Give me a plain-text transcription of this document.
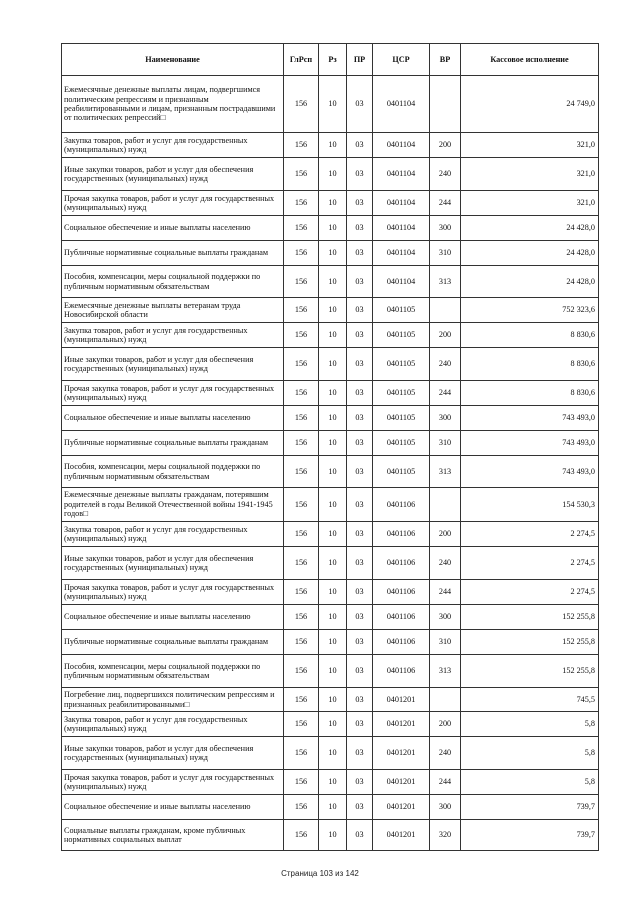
Наименование	ГлРсп	Рз	ПР	ЦСР	ВР	Кассовое исполнение
Ежемесячные денежные выплаты лицам, подвергшимся политическим репрессиям и признанным реабилитированными и лицам, признанным пострадавшими от политических репрессий□	156	10	03	0401104		24 749,0
Закупка товаров, работ и услуг для государственных (муниципальных) нужд	156	10	03	0401104	200	321,0
Иные закупки товаров, работ и услуг для обеспечения государственных (муниципальных) нужд	156	10	03	0401104	240	321,0
Прочая закупка товаров, работ и услуг для государственных (муниципальных) нужд	156	10	03	0401104	244	321,0
Социальное обеспечение и иные выплаты населению	156	10	03	0401104	300	24 428,0
Публичные нормативные социальные выплаты гражданам	156	10	03	0401104	310	24 428,0
Пособия, компенсации, меры социальной поддержки по публичным нормативным обязательствам	156	10	03	0401104	313	24 428,0
Ежемесячные денежные выплаты ветеранам труда Новосибирской области	156	10	03	0401105		752 323,6
Закупка товаров, работ и услуг для государственных (муниципальных) нужд	156	10	03	0401105	200	8 830,6
Иные закупки товаров, работ и услуг для обеспечения государственных (муниципальных) нужд	156	10	03	0401105	240	8 830,6
Прочая закупка товаров, работ и услуг для государственных (муниципальных) нужд	156	10	03	0401105	244	8 830,6
Социальное обеспечение и иные выплаты населению	156	10	03	0401105	300	743 493,0
Публичные нормативные социальные выплаты гражданам	156	10	03	0401105	310	743 493,0
Пособия, компенсации, меры социальной поддержки по публичным нормативным обязательствам	156	10	03	0401105	313	743 493,0
Ежемесячные денежные выплаты гражданам, потерявшим родителей в годы Великой Отечественной войны 1941-1945 годов□	156	10	03	0401106		154 530,3
Закупка товаров, работ и услуг для государственных (муниципальных) нужд	156	10	03	0401106	200	2 274,5
Иные закупки товаров, работ и услуг для обеспечения государственных (муниципальных) нужд	156	10	03	0401106	240	2 274,5
Прочая закупка товаров, работ и услуг для государственных (муниципальных) нужд	156	10	03	0401106	244	2 274,5
Социальное обеспечение и иные выплаты населению	156	10	03	0401106	300	152 255,8
Публичные нормативные социальные выплаты гражданам	156	10	03	0401106	310	152 255,8
Пособия, компенсации, меры социальной поддержки по публичным нормативным обязательствам	156	10	03	0401106	313	152 255,8
Погребение лиц, подвергшихся политическим репрессиям и признанных реабилитированными□	156	10	03	0401201		745,5
Закупка товаров, работ и услуг для государственных (муниципальных) нужд	156	10	03	0401201	200	5,8
Иные закупки товаров, работ и услуг для обеспечения государственных (муниципальных) нужд	156	10	03	0401201	240	5,8
Прочая закупка товаров, работ и услуг для государственных (муниципальных) нужд	156	10	03	0401201	244	5,8
Социальное обеспечение и иные выплаты населению	156	10	03	0401201	300	739,7
Социальные выплаты гражданам, кроме публичных нормативных социальных выплат	156	10	03	0401201	320	739,7
Страница 103 из 142
